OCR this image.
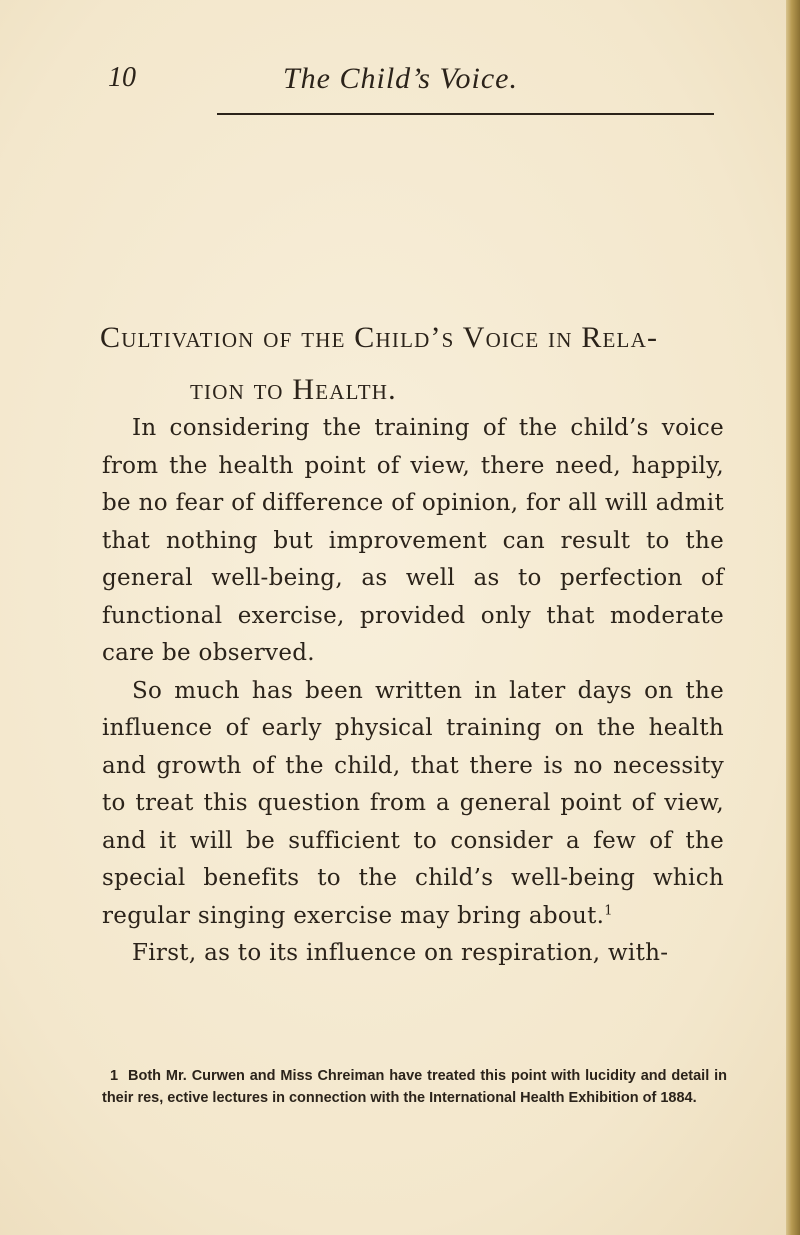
10	The Child’s Voice.
Cultivation of the Child’s Voice in Rela-
tion to Health.

In considering the training of the child’s voice from the health point of view, there need, happily, be no fear of difference of opinion, for all will admit that nothing but improvement can result to the general well-being, as well as to perfection of functional exercise, provided only that moderate care be observed.

So much has been written in later days on the influence of early physical training on the health and growth of the child, that there is no necessity to treat this question from a general point of view, and it will be sufficient to consider a few of the special benefits to the child’s well-being which regular singing exercise may bring about.$^1$

First, as to its influence on respiration, with-

1 Both Mr. Curwen and Miss Chreiman have treated this point with lucidity and detail in their res, ective lectures in connection with the International Health Exhibition of 1884.
